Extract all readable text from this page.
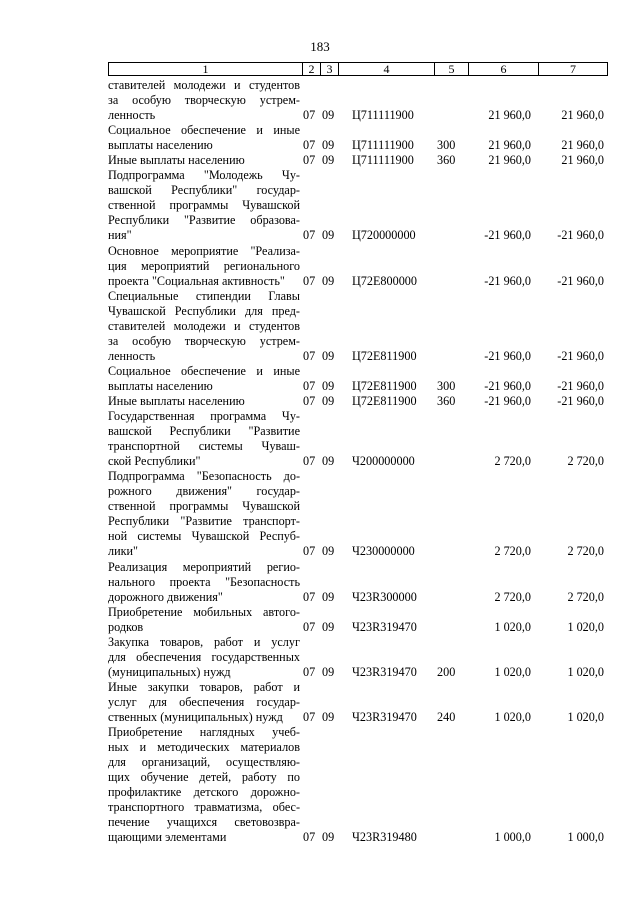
183
1	2	3	4	5	6	7
ставителей молодежи и студентов
за особую творческую устрем-
ленность	07 09 Ц711111900	21 960,0 21 960,0
Социальное обеспечение и иные
выплаты населению	07 09 Ц711111900 300	21 960,0 21 960,0
Иные выплаты населению	07 09 Ц711111900 360	21 960,0 21 960,0
Подпрограмма "Молодежь Чу-
вашской Республики" государ-
ственной программы Чувашской
Республики "Развитие образова-
ния"	07 09 Ц720000000	-21 960,0 -21 960,0
Основное мероприятие "Реализа-
ция мероприятий регионального
проекта "Социальная активность"	07 09 Ц72Е800000	-21 960,0 -21 960,0
Специальные стипендии Главы
Чувашской Республики для пред-
ставителей молодежи и студентов
за особую творческую устрем-
ленность	07 09 Ц72Е811900	-21 960,0 -21 960,0
Социальное обеспечение и иные
выплаты населению	07 09 Ц72Е811900 300 -21 960,0 -21 960,0
Иные выплаты населению	07 09 Ц72Е811900 360 -21 960,0 -21 960,0
Государственная программа Чу-
вашской Республики "Развитие
транспортной системы Чуваш-
ской Республики"	07 09 Ч200000000	2 720,0	2 720,0
Подпрограмма "Безопасность до-
рожного движения" государ-
ственной программы Чувашской
Республики "Развитие транспорт-
ной системы Чувашской Респуб-
лики"	07 09 Ч230000000	2 720,0	2 720,0
Реализация мероприятий регио-
нального проекта "Безопасность
дорожного движения"	07 09 Ч23R300000	2 720,0	2 720,0
Приобретение мобильных автого-
родков	07 09 Ч23R319470	1 020,0	1 020,0
Закупка товаров, работ и услуг
для обеспечения государственных
(муниципальных) нужд	07 09 Ч23R319470 200	1 020,0	1 020,0
Иные закупки товаров, работ и
услуг для обеспечения государ-
ственных (муниципальных) нужд	07 09 Ч23R319470 240	1 020,0	1 020,0
Приобретение наглядных учеб-
ных и методических материалов
для организаций, осуществляю-
щих обучение детей, работу по
профилактике детского дорожно-
транспортного травматизма, обес-
печение учащихся световозвра-
щающими элементами	07 09 Ч23R319480	1 000,0	1 000,0
